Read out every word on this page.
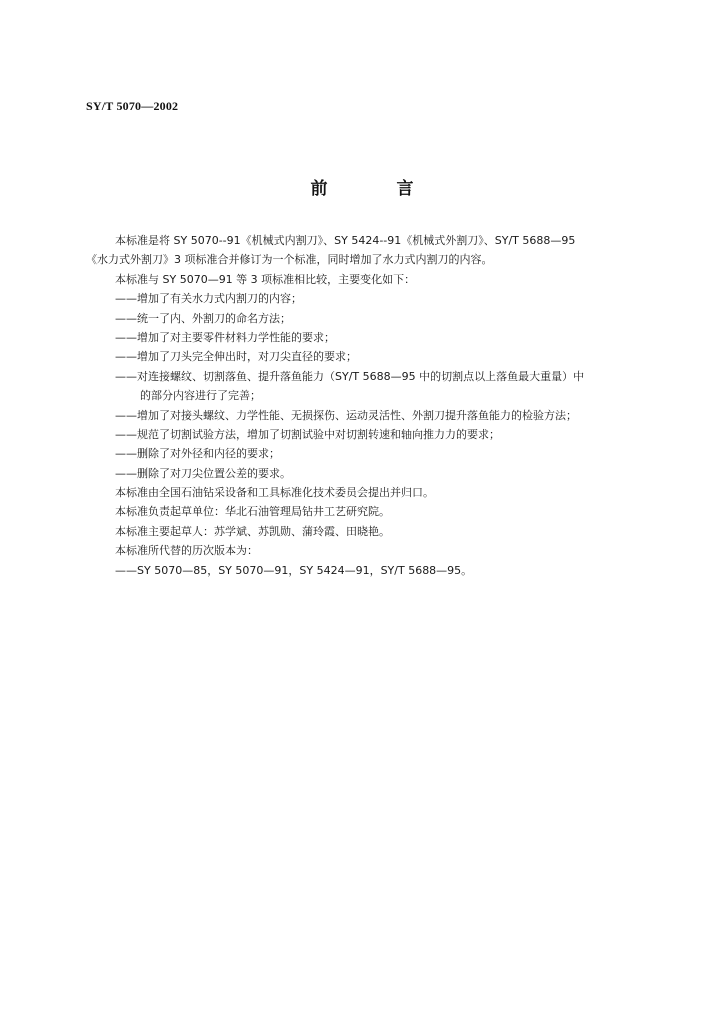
SY/T 5070—2002
前　言
本标准是将 SY 5070--91《机械式内割刀》、SY 5424--91《机械式外割刀》、SY/T 5688—95
《水力式外割刀》3 项标准合并修订为一个标准，同时增加了水力式内割刀的内容。
本标准与 SY 5070—91 等 3 项标准相比较，主要变化如下：
——增加了有关水力式内割刀的内容；
——统一了内、外割刀的命名方法；
——增加了对主要零件材料力学性能的要求；
——增加了刀头完全伸出时，对刀尖直径的要求；
——对连接螺纹、切割落鱼、提升落鱼能力（SY/T 5688—95 中的切割点以上落鱼最大重量）中
的部分内容进行了完善；
——增加了对接头螺纹、力学性能、无损探伤、运动灵活性、外割刀提升落鱼能力的检验方法；
——规范了切割试验方法，增加了切割试验中对切割转速和轴向推力力的要求；
——删除了对外径和内径的要求；
——删除了对刀尖位置公差的要求。
本标准由全国石油钻采设备和工具标准化技术委员会提出并归口。
本标准负责起草单位：华北石油管理局钻井工艺研究院。
本标准主要起草人：苏学斌、苏凯勋、蒲玲霞、田晓艳。
本标准所代替的历次版本为：
——SY 5070—85，SY 5070—91，SY 5424—91，SY/T 5688—95。
